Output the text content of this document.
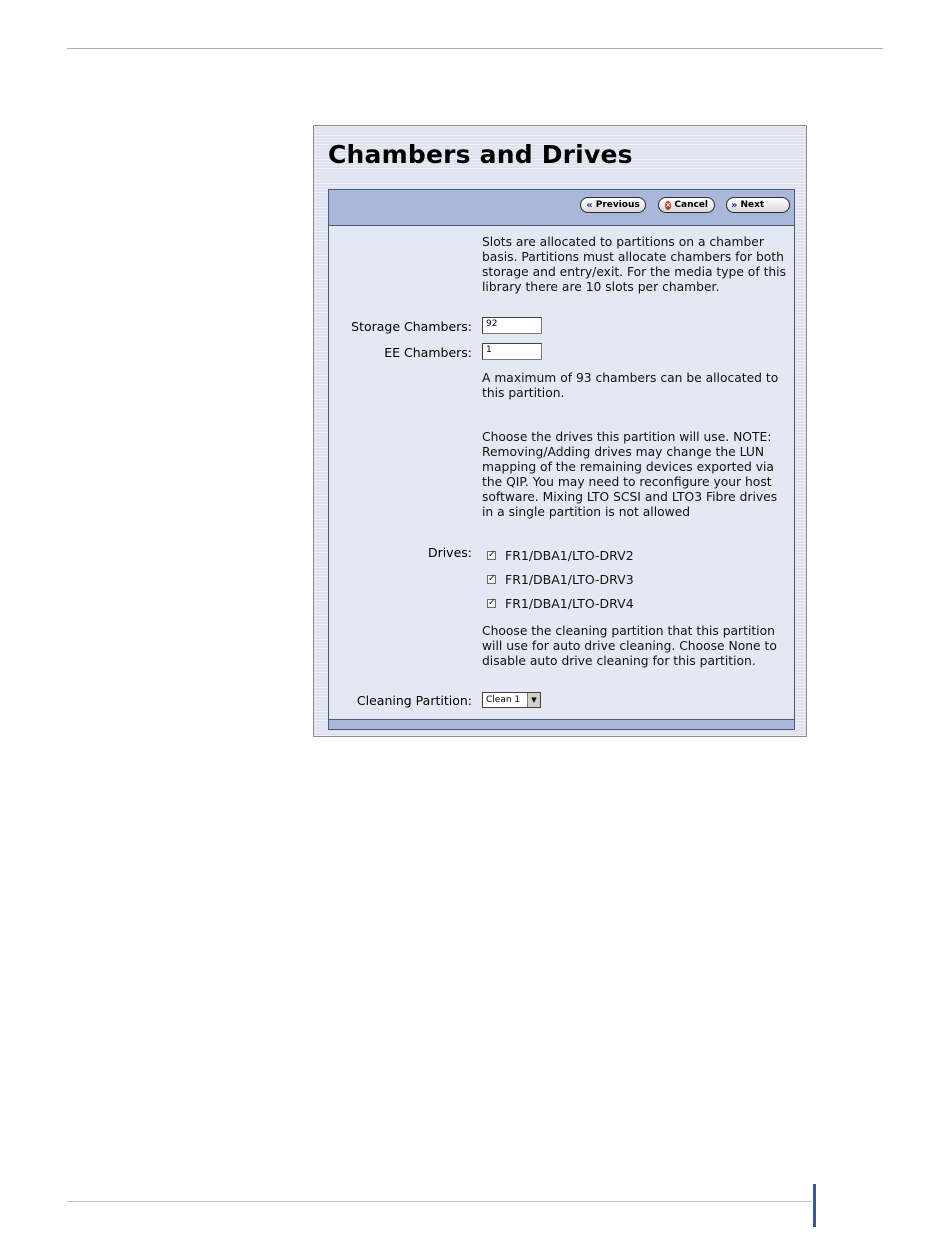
Chambers and Drives
« Previous	× Cancel » Next
Slots are allocated to partitions on a chamber basis. Partitions must allocate chambers for both storage and entry/exit. For the media type of this library there are 10 slots per chamber.
Storage Chambers:	92
EE Chambers:	1
A maximum of 93 chambers can be allocated to this partition.
Choose the drives this partition will use. NOTE: Removing/Adding drives may change the LUN mapping of the remaining devices exported via the QIP. You may need to reconfigure your host software. Mixing LTO SCSI and LTO3 Fibre drives in a single partition is not allowed
Drives: ✓ FR1/DBA1/LTO-DRV2
✓ FR1/DBA1/LTO-DRV3
✓ FR1/DBA1/LTO-DRV4
Choose the cleaning partition that this partition will use for auto drive cleaning. Choose None to disable auto drive cleaning for this partition.
Cleaning Partition: Clean 1	▼
